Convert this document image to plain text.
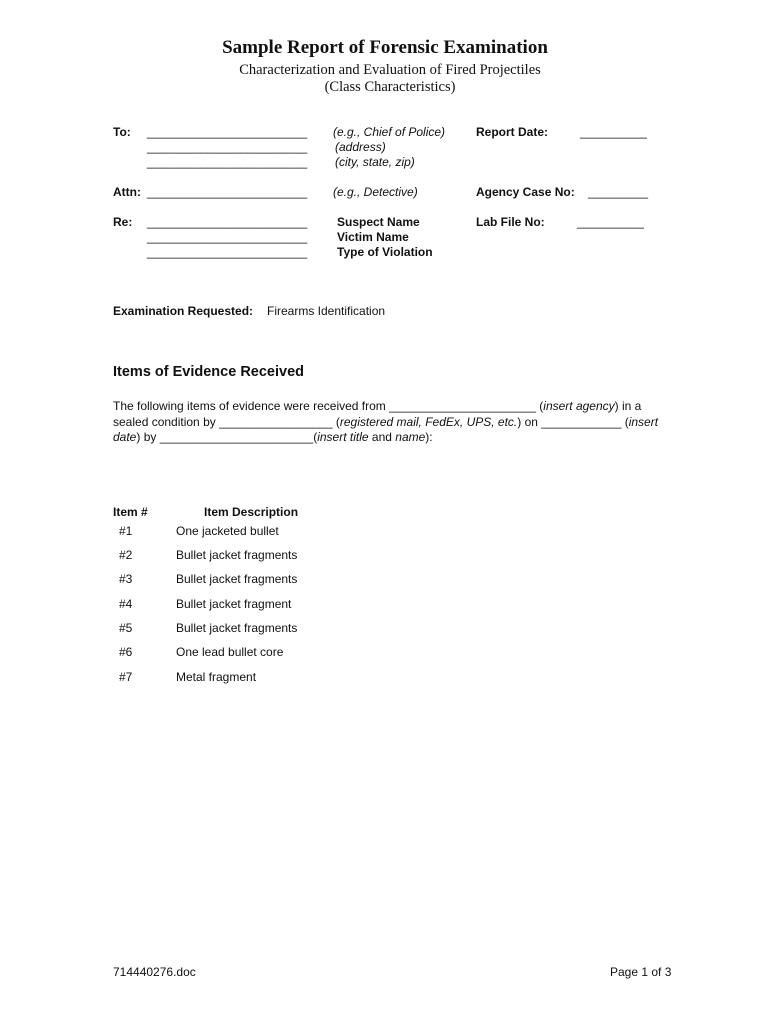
Sample Report of Forensic Examination
Characterization and Evaluation of Fired Projectiles
(Class Characteristics)
To: ________________________ (e.g., Chief of Police)
________________________ (address)
________________________ (city, state, zip)
Report Date:	__________
Attn: ________________________ (e.g., Detective)	Agency Case No: _________
Re: ________________________ Suspect Name
________________________ Victim Name
________________________ Type of Violation
Lab File No:	__________
Examination Requested: Firearms Identification
Items of Evidence Received
The following items of evidence were received from ______________________ (insert agency) in a sealed condition by _________________ (registered mail, FedEx, UPS, etc.) on ____________ (insert date) by _______________________(insert title and name):
Item #	Item Description
#1	One jacketed bullet
#2	Bullet jacket fragments
#3	Bullet jacket fragments
#4	Bullet jacket fragment
#5	Bullet jacket fragments
#6	One lead bullet core
#7	Metal fragment
714440276.doc	Page 1 of 3
